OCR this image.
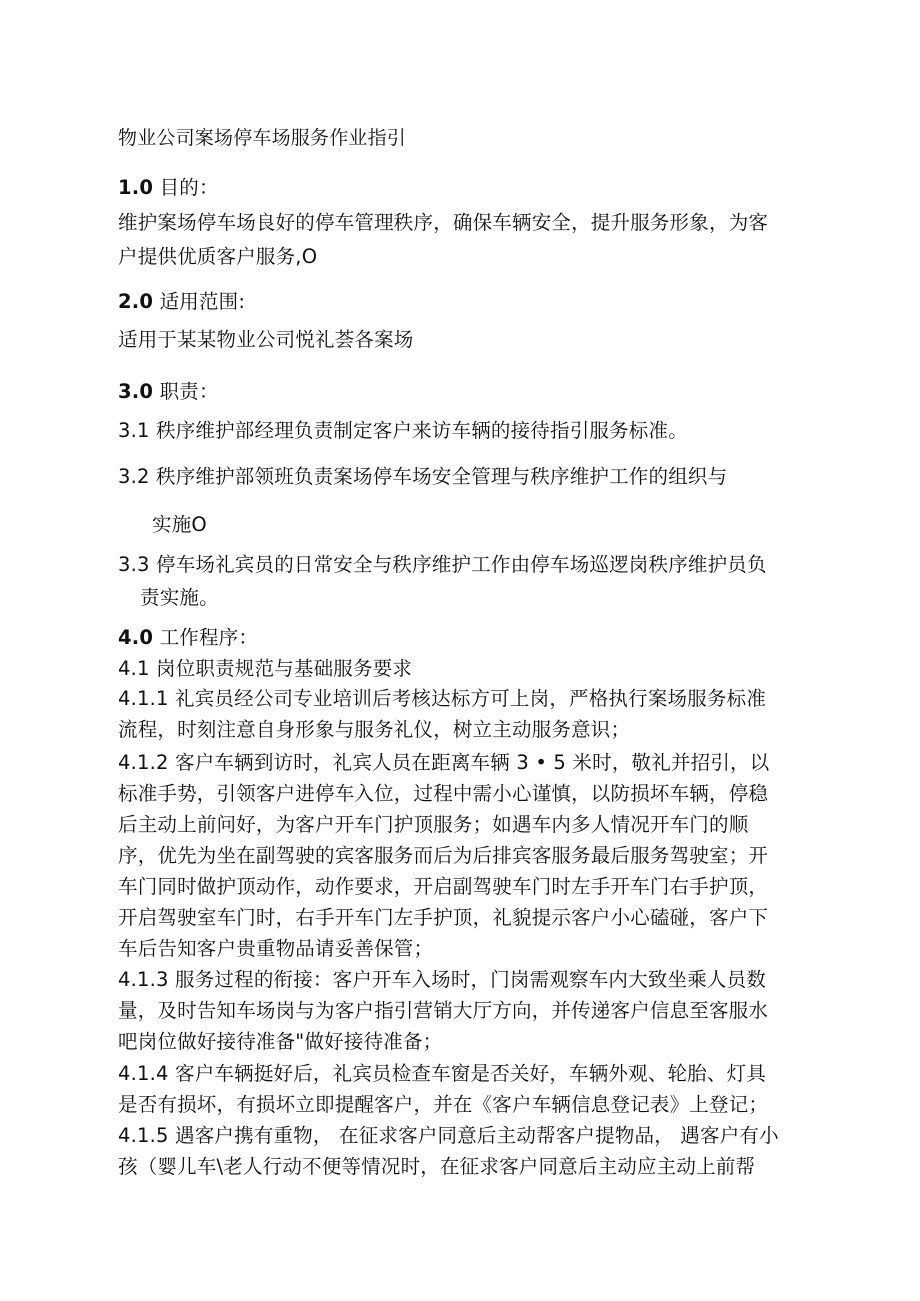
物业公司案场停车场服务作业指引
1.0 目的：
维护案场停车场良好的停车管理秩序，确保车辆安全，提升服务形象，为客
户提供优质客户服务,O
2.0 适用范围:
适用于某某物业公司悦礼荟各案场
3.0 职责：
3.1 秩序维护部经理负责制定客户来访车辆的接待指引服务标准。
3.2 秩序维护部领班负责案场停车场安全管理与秩序维护工作的组织与
实施O
3.3 停车场礼宾员的日常安全与秩序维护工作由停车场巡逻岗秩序维护员负
责实施。
4.0 工作程序：
4.1 岗位职责规范与基础服务要求
4.1.1 礼宾员经公司专业培训后考核达标方可上岗，严格执行案场服务标准
流程，时刻注意自身形象与服务礼仪，树立主动服务意识；
4.1.2 客户车辆到访时，礼宾人员在距离车辆 3 • 5 米时，敬礼并招引，以
标准手势，引领客户进停车入位，过程中需小心谨慎，以防损坏车辆，停稳
后主动上前问好，为客户开车门护顶服务；如遇车内多人情况开车门的顺
序，优先为坐在副驾驶的宾客服务而后为后排宾客服务最后服务驾驶室；开
车门同时做护顶动作，动作要求，开启副驾驶车门时左手开车门右手护顶，
开启驾驶室车门时，右手开车门左手护顶，礼貌提示客户小心磕碰，客户下
车后告知客户贵重物品请妥善保管；
4.1.3 服务过程的衔接：客户开车入场时，门岗需观察车内大致坐乘人员数
量，及时告知车场岗与为客户指引营销大厅方向，并传递客户信息至客服水
吧岗位做好接待准备"做好接待准备；
4.1.4 客户车辆挺好后，礼宾员检查车窗是否关好，车辆外观、轮胎、灯具
是否有损坏，有损坏立即提醒客户，并在《客户车辆信息登记表》上登记；
4.1.5 遇客户携有重物， 在征求客户同意后主动帮客户提物品， 遇客户有小
孩（婴儿车\老人行动不便等情况时，在征求客户同意后主动应主动上前帮
